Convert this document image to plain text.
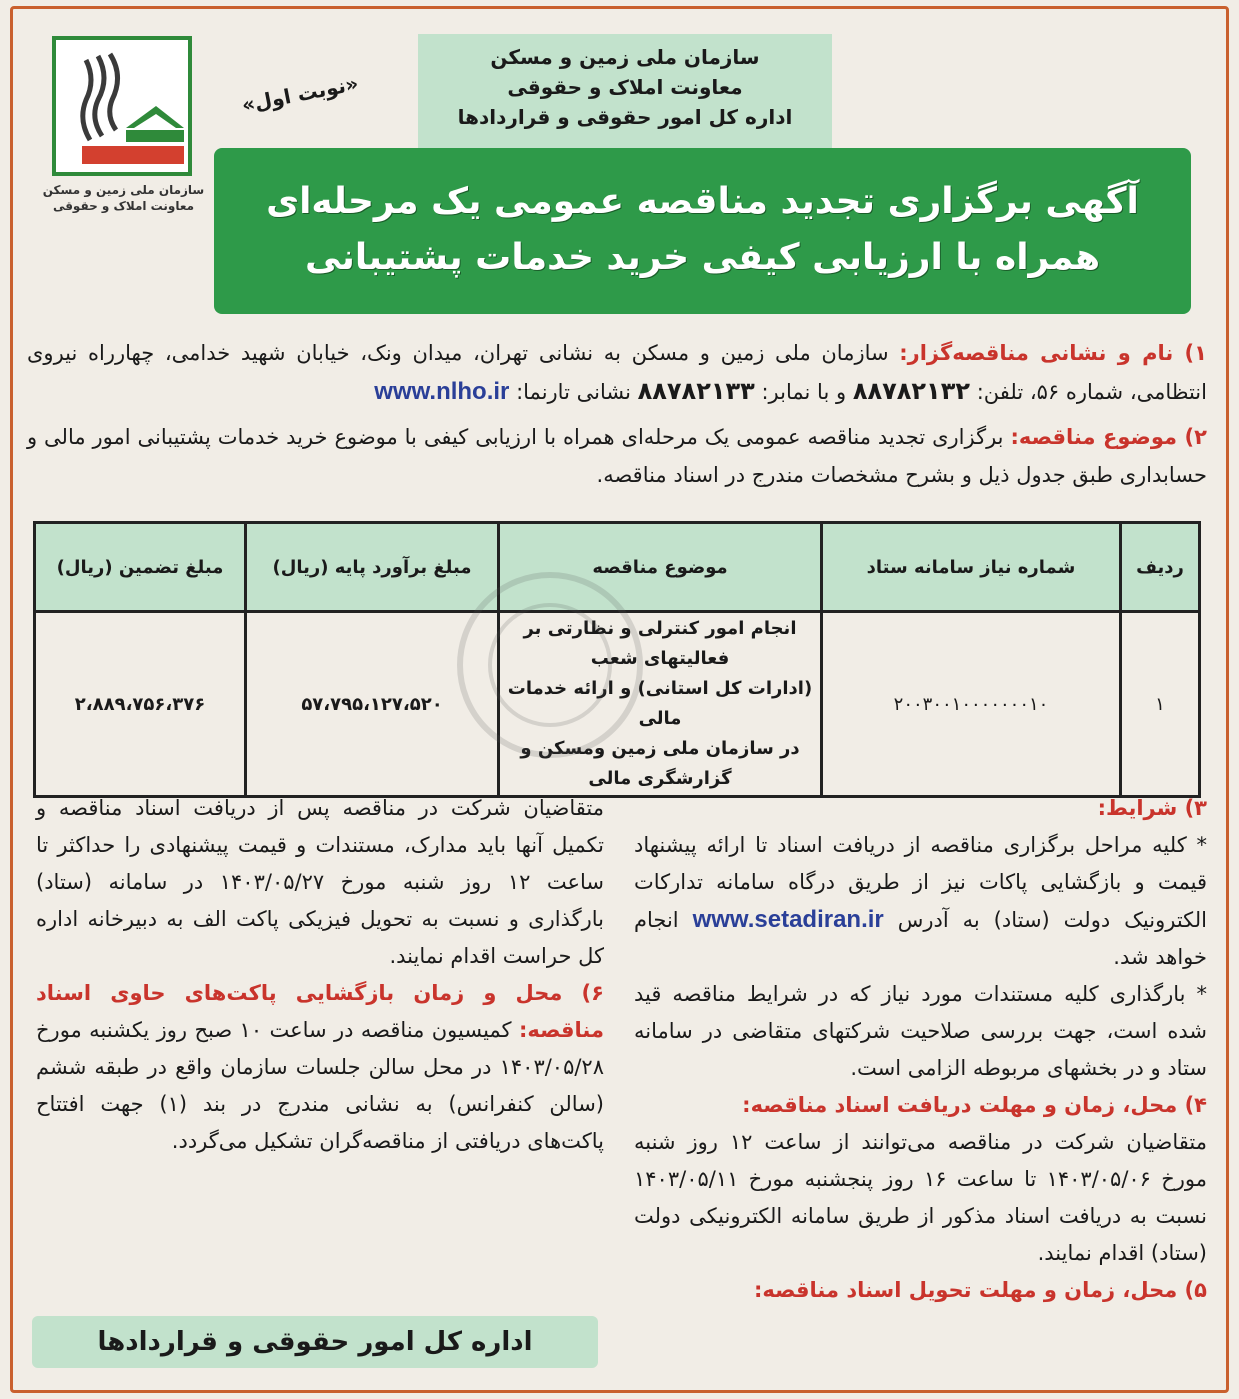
سازمان ملی زمین و مسکن
معاونت املاک و حقوقی
«نوبت اول»
سازمان ملی زمین و مسکن
معاونت املاک و حقوقی
اداره کل امور حقوقی و قراردادها
آگهی برگزاری تجدید مناقصه عمومی یک مرحله‌ای
همراه با ارزیابی کیفی خرید خدمات پشتیبانی
۱) نام و نشانی مناقصه‌گزار: سازمان ملی زمین و مسکن به نشانی تهران، میدان ونک، خیابان شهید خدامی، چهارراه نیروی انتظامی، شماره ۵۶، تلفن: ۸۸۷۸۲۱۳۲ و با نمابر: ۸۸۷۸۲۱۳۳ نشانی تارنما: www.nlho.ir
۲) موضوع مناقصه: برگزاری تجدید مناقصه عمومی یک مرحله‌ای همراه با ارزیابی کیفی با موضوع خرید خدمات پشتیبانی امور مالی و حسابداری طبق جدول ذیل و بشرح مشخصات مندرج در اسناد مناقصه.
ردیف	شماره نیاز سامانه ستاد	موضوع مناقصه	مبلغ برآورد پایه (ریال)	مبلغ تضمین (ریال)
۱	۲۰۰۳۰۰۱۰۰۰۰۰۰۰۱۰	انجام امور کنترلی و نظارتی بر فعالیتهای شعب
(ادارات کل استانی) و ارائه خدمات مالی
در سازمان ملی زمین ومسکن و گزارشگری مالی	۵۷،۷۹۵،۱۲۷،۵۲۰	۲،۸۸۹،۷۵۶،۳۷۶
۳) شرایط:
* کلیه مراحل برگزاری مناقصه از دریافت اسناد تا ارائه پیشنهاد قیمت و بازگشایی پاکات نیز از طریق درگاه سامانه تدارکات الکترونیک دولت (ستاد) به آدرس www.setadiran.ir انجام خواهد شد.
* بارگذاری کلیه مستندات مورد نیاز که در شرایط مناقصه قید شده است، جهت بررسی صلاحیت شرکتهای متقاضی در سامانه ستاد و در بخشهای مربوطه الزامی است.
۴) محل، زمان و مهلت دریافت اسناد مناقصه:
متقاضیان شرکت در مناقصه می‌توانند از ساعت ۱۲ روز شنبه مورخ ۱۴۰۳/۰۵/۰۶ تا ساعت ۱۶ روز پنجشنبه مورخ ۱۴۰۳/۰۵/۱۱ نسبت به دریافت اسناد مذکور از طریق سامانه الکترونیکی دولت (ستاد) اقدام نمایند.
۵) محل، زمان و مهلت تحویل اسناد مناقصه:
متقاضیان شرکت در مناقصه پس از دریافت اسناد مناقصه و تکمیل آنها باید مدارک، مستندات و قیمت پیشنهادی را حداکثر تا ساعت ۱۲ روز شنبه مورخ ۱۴۰۳/۰۵/۲۷ در سامانه (ستاد) بارگذاری و نسبت به تحویل فیزیکی پاکت الف به دبیرخانه اداره کل حراست اقدام نمایند.
۶) محل و زمان بازگشایی پاکت‌های حاوی اسناد مناقصه: کمیسیون مناقصه در ساعت ۱۰ صبح روز یکشنبه مورخ ۱۴۰۳/۰۵/۲۸ در محل سالن جلسات سازمان واقع در طبقه ششم (سالن کنفرانس) به نشانی مندرج در بند (۱) جهت افتتاح پاکت‌های دریافتی از مناقصه‌گران تشکیل می‌گردد.
اداره کل امور حقوقی و قراردادها
